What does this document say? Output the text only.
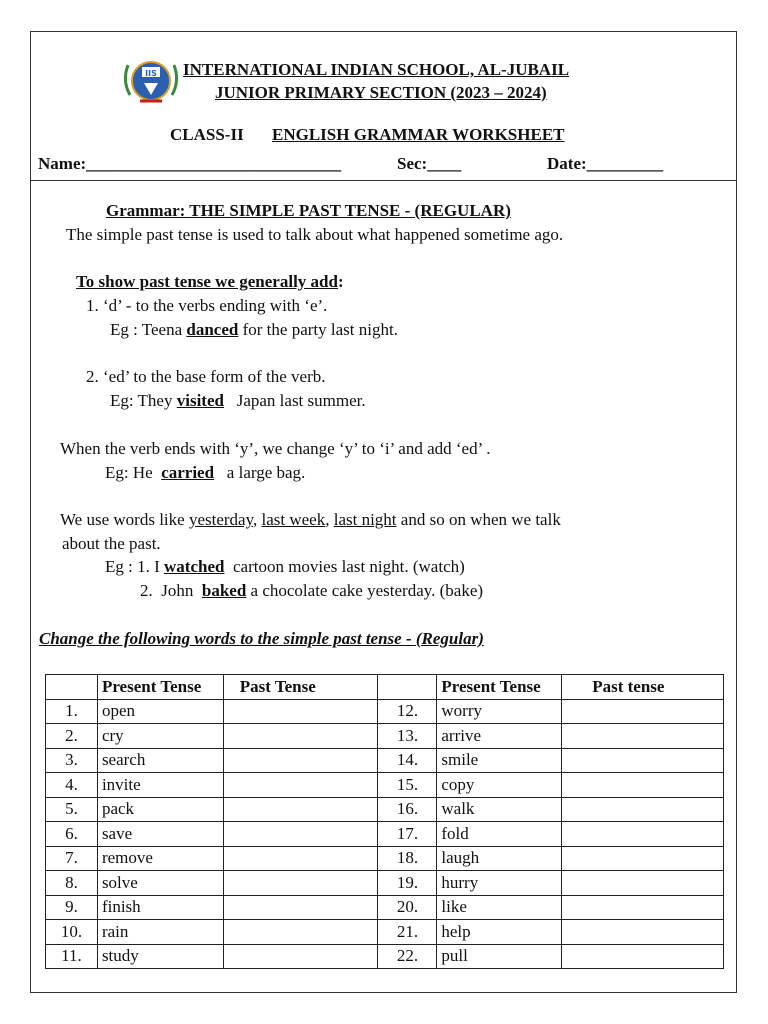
IIS INTERNATIONAL INDIAN SCHOOL, AL-JUBAIL
JUNIOR PRIMARY SECTION (2023 – 2024)
CLASS-II ENGLISH GRAMMAR WORKSHEET
Name:______________________________	Sec:____	Date:_________
Grammar: THE SIMPLE PAST TENSE - (REGULAR)
The simple past tense is used to talk about what happened sometime ago.
To show past tense we generally add:
1. ‘d’ - to the verbs ending with ‘e’.
Eg : Teena danced for the party last night.
2. ‘ed’ to the base form of the verb.
Eg: They visited   Japan last summer.
When the verb ends with ‘y’, we change ‘y’ to ‘i’ and add ‘ed’ .
Eg: He  carried   a large bag.
We use words like yesterday, last week, last night and so on when we talk
about the past.
Eg : 1. I watched  cartoon movies last night. (watch)
2.  John  baked a chocolate cake yesterday. (bake)
Change the following words to the simple past tense - (Regular)
	Present Tense	Past Tense		Present Tense	Past tense
1.	open		12.	worry	
2.	cry		13.	arrive	
3.	search		14.	smile	
4.	invite		15.	copy	
5.	pack		16.	walk	
6.	save		17.	fold	
7.	remove		18.	laugh	
8.	solve		19.	hurry	
9.	finish		20.	like	
10.	rain		21.	help	
11.	study		22.	pull	
